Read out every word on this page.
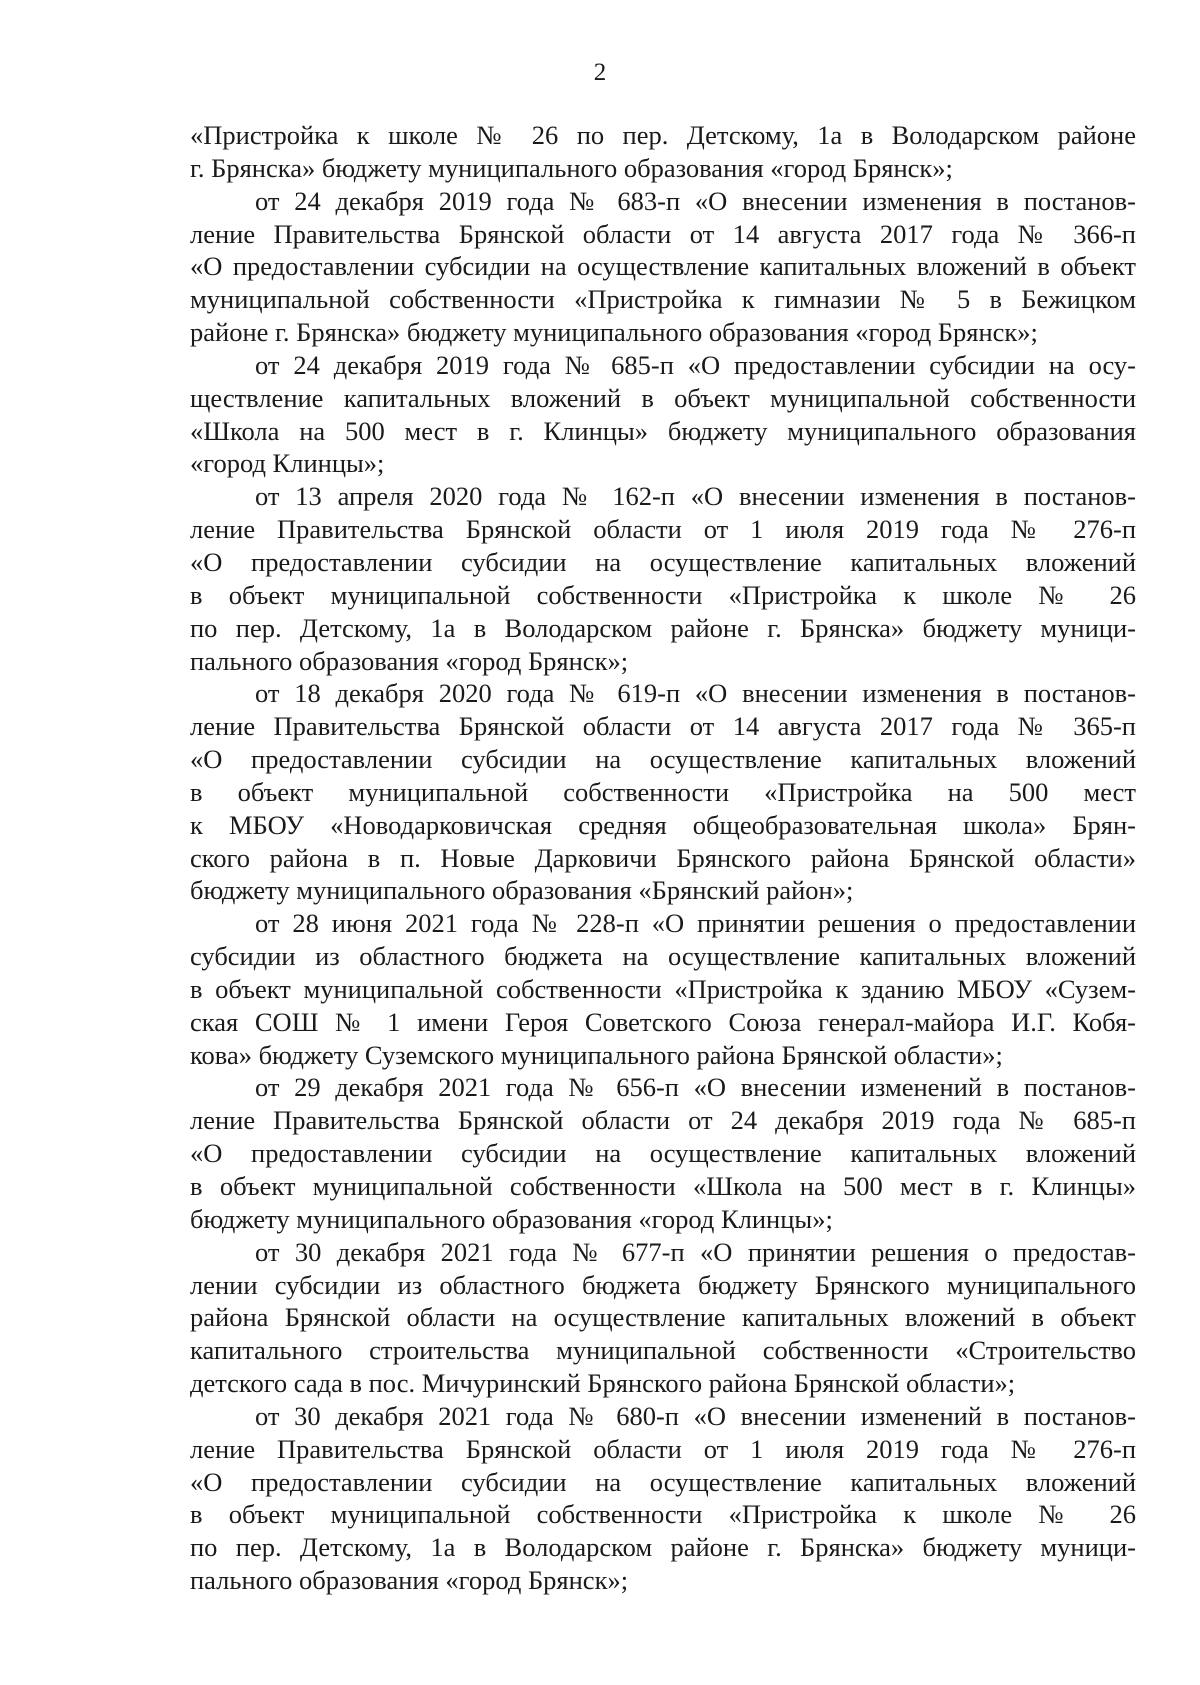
2
«Пристройка к школе № 26 по пер. Детскому, 1а в Володарском районе
г. Брянска» бюджету муниципального образования «город Брянск»;
от 24 декабря 2019 года № 683-п «О внесении изменения в постанов-
ление Правительства Брянской области от 14 августа 2017 года № 366-п
«О предоставлении субсидии на осуществление капитальных вложений в объект
муниципальной собственности «Пристройка к гимназии № 5 в Бежицком
районе г. Брянска» бюджету муниципального образования «город Брянск»;
от 24 декабря 2019 года № 685-п «О предоставлении субсидии на осу-
ществление капитальных вложений в объект муниципальной собственности
«Школа на 500 мест в г. Клинцы» бюджету муниципального образования
«город Клинцы»;
от 13 апреля 2020 года № 162-п «О внесении изменения в постанов-
ление Правительства Брянской области от 1 июля 2019 года № 276-п
«О предоставлении субсидии на осуществление капитальных вложений
в объект муниципальной собственности «Пристройка к школе № 26
по пер. Детскому, 1а в Володарском районе г. Брянска» бюджету муници-
пального образования «город Брянск»;
от 18 декабря 2020 года № 619-п «О внесении изменения в постанов-
ление Правительства Брянской области от 14 августа 2017 года № 365-п
«О предоставлении субсидии на осуществление капитальных вложений
в объект муниципальной собственности «Пристройка на 500 мест
к МБОУ «Новодарковичская средняя общеобразовательная школа» Брян-
ского района в п. Новые Дарковичи Брянского района Брянской области»
бюджету муниципального образования «Брянский район»;
от 28 июня 2021 года № 228-п «О принятии решения о предоставлении
субсидии из областного бюджета на осуществление капитальных вложений
в объект муниципальной собственности «Пристройка к зданию МБОУ «Сузем-
ская СОШ № 1 имени Героя Советского Союза генерал-майора И.Г. Кобя-
кова» бюджету Суземского муниципального района Брянской области»;
от 29 декабря 2021 года № 656-п «О внесении изменений в постанов-
ление Правительства Брянской области от 24 декабря 2019 года № 685-п
«О предоставлении субсидии на осуществление капитальных вложений
в объект муниципальной собственности «Школа на 500 мест в г. Клинцы»
бюджету муниципального образования «город Клинцы»;
от 30 декабря 2021 года № 677-п «О принятии решения о предостав-
лении субсидии из областного бюджета бюджету Брянского муниципального
района Брянской области на осуществление капитальных вложений в объект
капитального строительства муниципальной собственности «Строительство
детского сада в пос. Мичуринский Брянского района Брянской области»;
от 30 декабря 2021 года № 680-п «О внесении изменений в постанов-
ление Правительства Брянской области от 1 июля 2019 года № 276-п
«О предоставлении субсидии на осуществление капитальных вложений
в объект муниципальной собственности «Пристройка к школе № 26
по пер. Детскому, 1а в Володарском районе г. Брянска» бюджету муници-
пального образования «город Брянск»;
